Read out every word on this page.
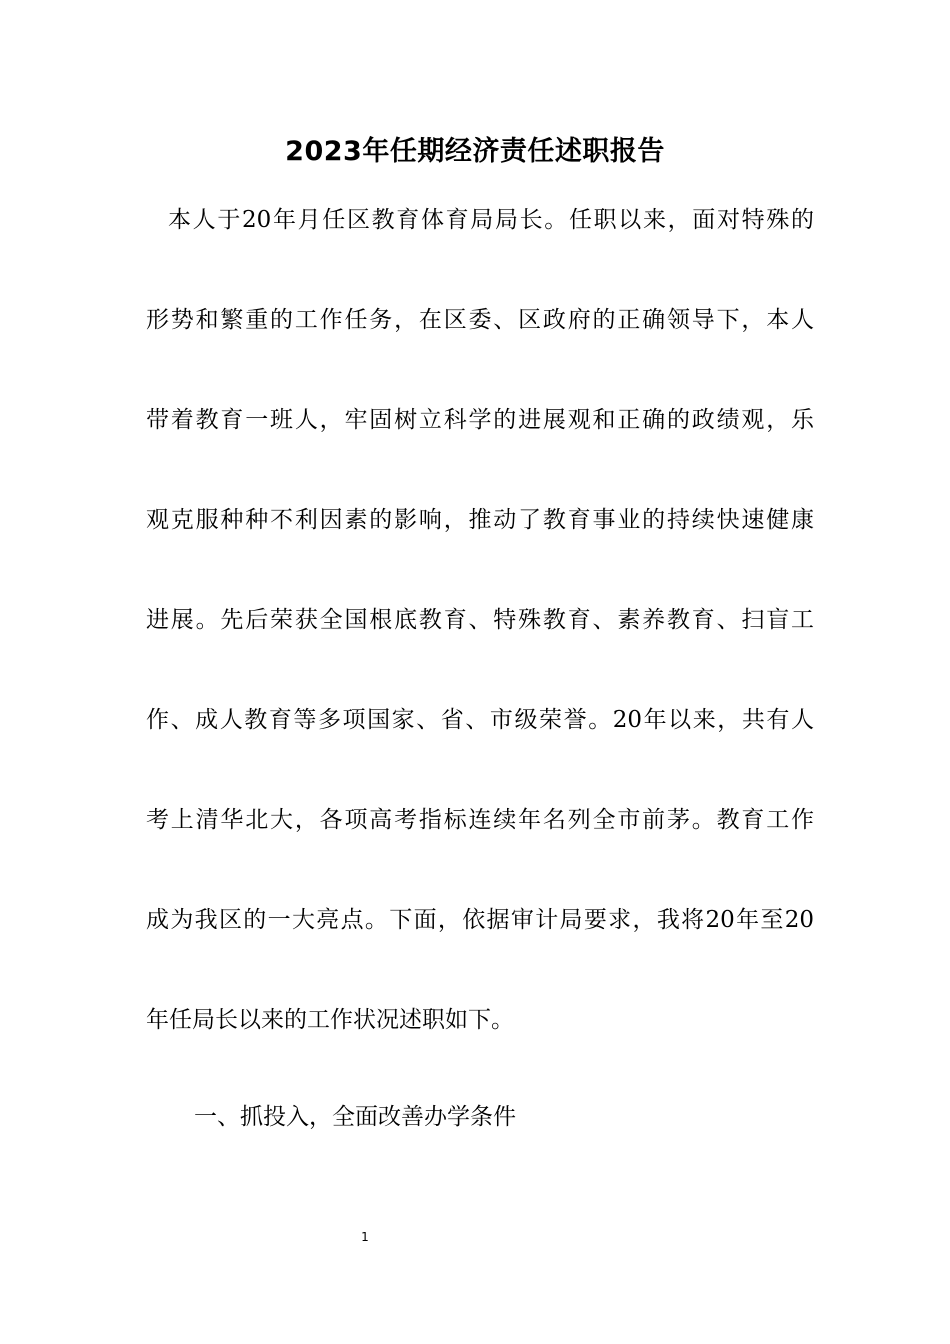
2023年任期经济责任述职报告
本人于20年月任区教育体育局局长。任职以来，面对特殊的
形势和繁重的工作任务，在区委、区政府的正确领导下，本人
带着教育一班人，牢固树立科学的进展观和正确的政绩观，乐
观克服种种不利因素的影响，推动了教育事业的持续快速健康
进展。先后荣获全国根底教育、特殊教育、素养教育、扫盲工
作、成人教育等多项国家、省、市级荣誉。20年以来，共有人
考上清华北大，各项高考指标连续年名列全市前茅。教育工作
成为我区的一大亮点。下面，依据审计局要求，我将20年至20
年任局长以来的工作状况述职如下。
一、抓投入，全面改善办学条件
1
